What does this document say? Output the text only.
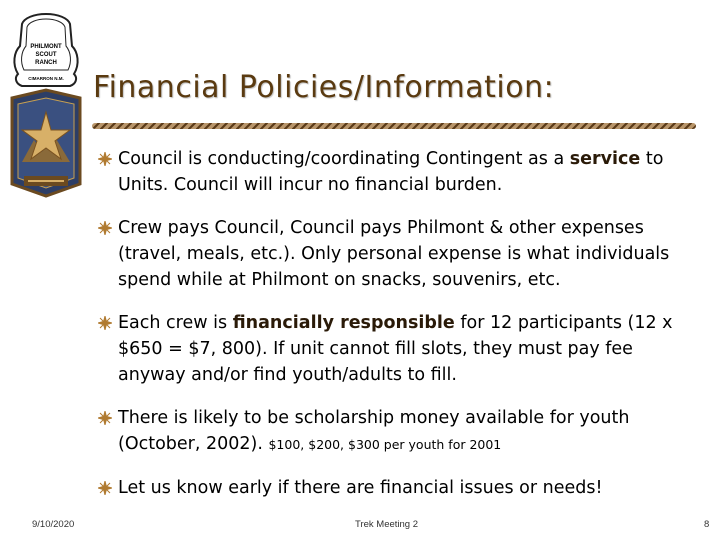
PHILMONT
SCOUT
RANCH
CIMARRON N.M. Financial Policies/Information:
Council is conducting/coordinating Contingent as a service to Units. Council will incur no financial burden.
Crew pays Council, Council pays Philmont & other expenses (travel, meals, etc.). Only personal expense is what individuals spend while at Philmont on snacks, souvenirs, etc.
Each crew is financially responsible for 12 participants (12 x $650 = $7, 800). If unit cannot fill slots, they must pay fee anyway and/or find youth/adults to fill.
There is likely to be scholarship money available for youth (October, 2002). $100, $200, $300 per youth for 2001
Let us know early if there are financial issues or needs!
9/10/2020	Trek Meeting 2	8
